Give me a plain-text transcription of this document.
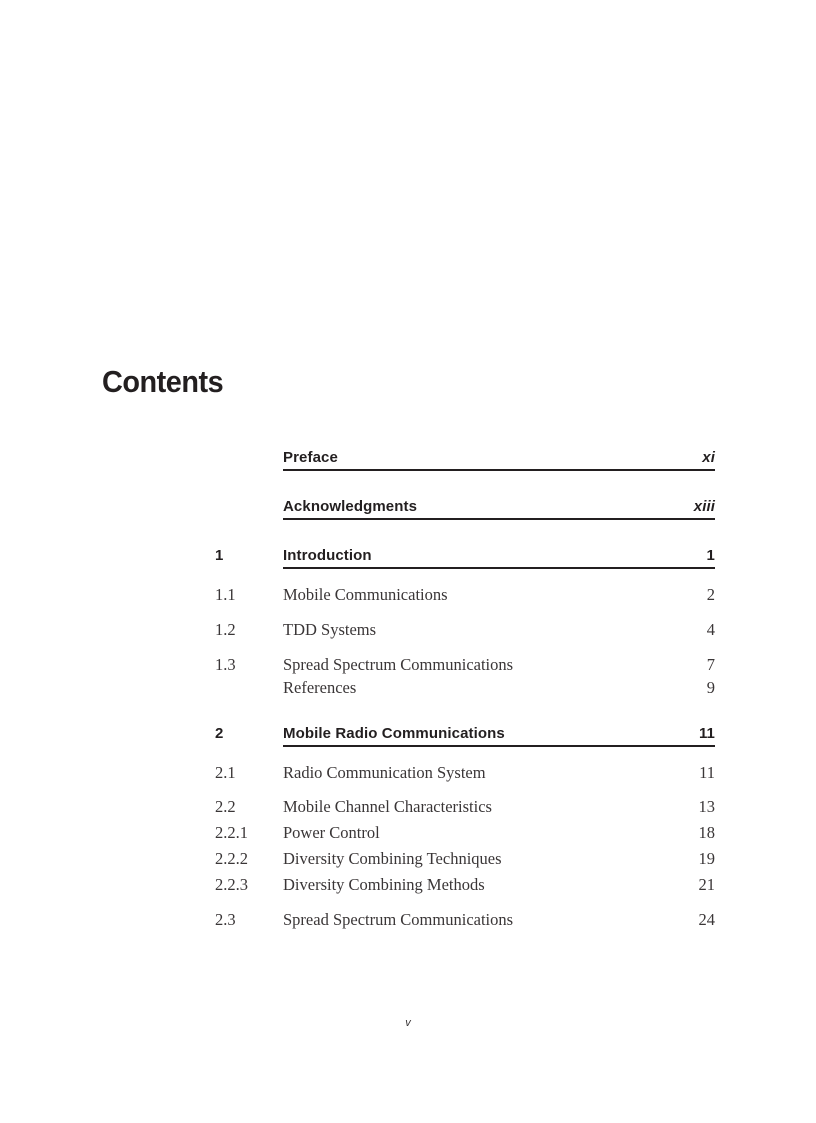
Contents
Preface	xi
Acknowledgments	xiii
1	Introduction	1
1.1	Mobile Communications	2
1.2	TDD Systems	4
1.3	Spread Spectrum Communications	7
References	9
2	Mobile Radio Communications	11
2.1	Radio Communication System	11
2.2	Mobile Channel Characteristics	13
2.2.1 Power Control	18
2.2.2 Diversity Combining Techniques	19
2.2.3 Diversity Combining Methods	21
2.3	Spread Spectrum Communications	24
v
